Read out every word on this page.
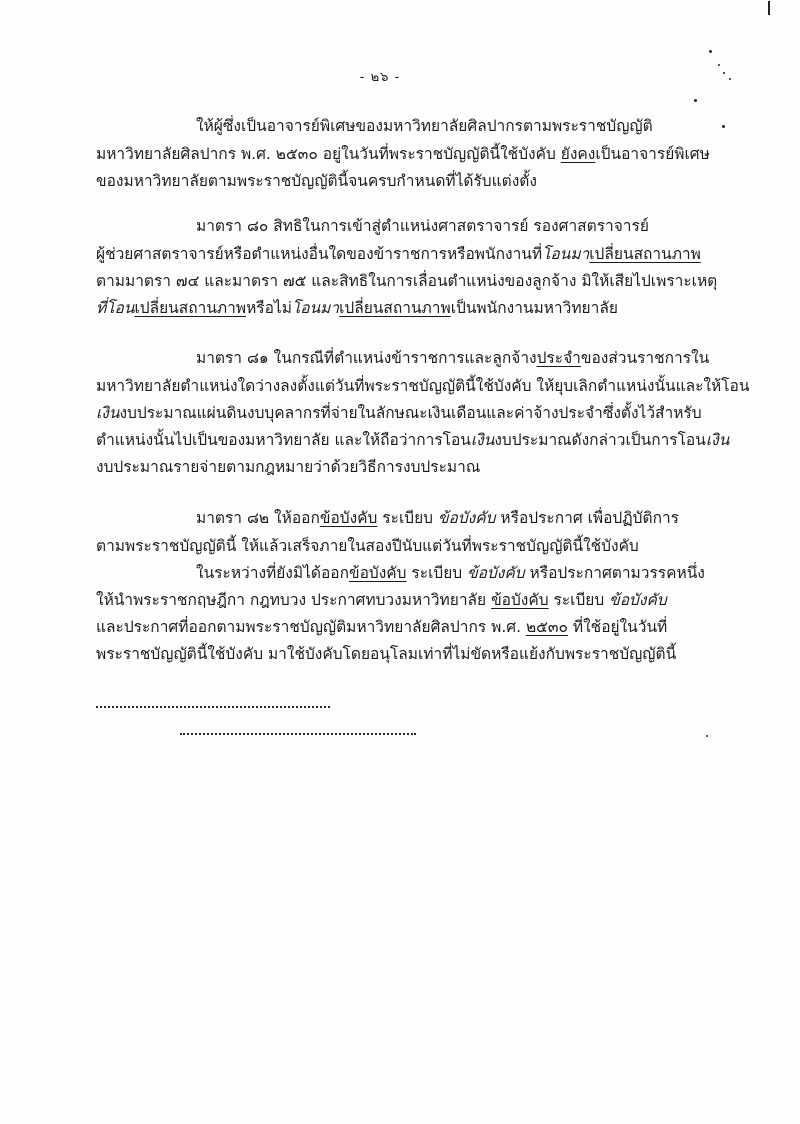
- ๒๖ -
ให้ผู้ซึ่งเป็นอาจารย์พิเศษของมหาวิทยาลัยศิลปากรตามพระราชบัญญัติ
มหาวิทยาลัยศิลปากร พ.ศ. ๒๕๓๐ อยู่ในวันที่พระราชบัญญัตินี้ใช้บังคับ ยังคงเป็นอาจารย์พิเศษ
ของมหาวิทยาลัยตามพระราชบัญญัตินี้จนครบกำหนดที่ได้รับแต่งตั้ง
มาตรา ๘๐ สิทธิในการเข้าสู่ตำแหน่งศาสตราจารย์ รองศาสตราจารย์
ผู้ช่วยศาสตราจารย์หรือตำแหน่งอื่นใดของข้าราชการหรือพนักงานที่โอนมาเปลี่ยนสถานภาพ
ตามมาตรา ๗๔ และมาตรา ๗๕ และสิทธิในการเลื่อนตำแหน่งของลูกจ้าง มิให้เสียไปเพราะเหตุ
ที่โอนเปลี่ยนสถานภาพหรือไม่โอนมาเปลี่ยนสถานภาพเป็นพนักงานมหาวิทยาลัย
มาตรา ๘๑ ในกรณีที่ตำแหน่งข้าราชการและลูกจ้างประจำของส่วนราชการใน
มหาวิทยาลัยตำแหน่งใดว่างลงตั้งแต่วันที่พระราชบัญญัตินี้ใช้บังคับ ให้ยุบเลิกตำแหน่งนั้นและให้โอน
เงินงบประมาณแผ่นดินงบบุคลากรที่จ่ายในลักษณะเงินเดือนและค่าจ้างประจำซึ่งตั้งไว้สำหรับ
ตำแหน่งนั้นไปเป็นของมหาวิทยาลัย และให้ถือว่าการโอนเงินงบประมาณดังกล่าวเป็นการโอนเงิน
งบประมาณรายจ่ายตามกฎหมายว่าด้วยวิธีการงบประมาณ
มาตรา ๘๒ ให้ออกข้อบังคับ ระเบียบ ข้อบังคับ หรือประกาศ เพื่อปฏิบัติการ
ตามพระราชบัญญัตินี้ ให้แล้วเสร็จภายในสองปีนับแต่วันที่พระราชบัญญัตินี้ใช้บังคับ
ในระหว่างที่ยังมิได้ออกข้อบังคับ ระเบียบ ข้อบังคับ หรือประกาศตามวรรคหนึ่ง
ให้นำพระราชกฤษฎีกา กฎทบวง ประกาศทบวงมหาวิทยาลัย ข้อบังคับ ระเบียบ ข้อบังคับ
และประกาศที่ออกตามพระราชบัญญัติมหาวิทยาลัยศิลปากร พ.ศ. ๒๕๓๐ ที่ใช้อยู่ในวันที่
พระราชบัญญัตินี้ใช้บังคับ มาใช้บังคับโดยอนุโลมเท่าที่ไม่ขัดหรือแย้งกับพระราชบัญญัตินี้
